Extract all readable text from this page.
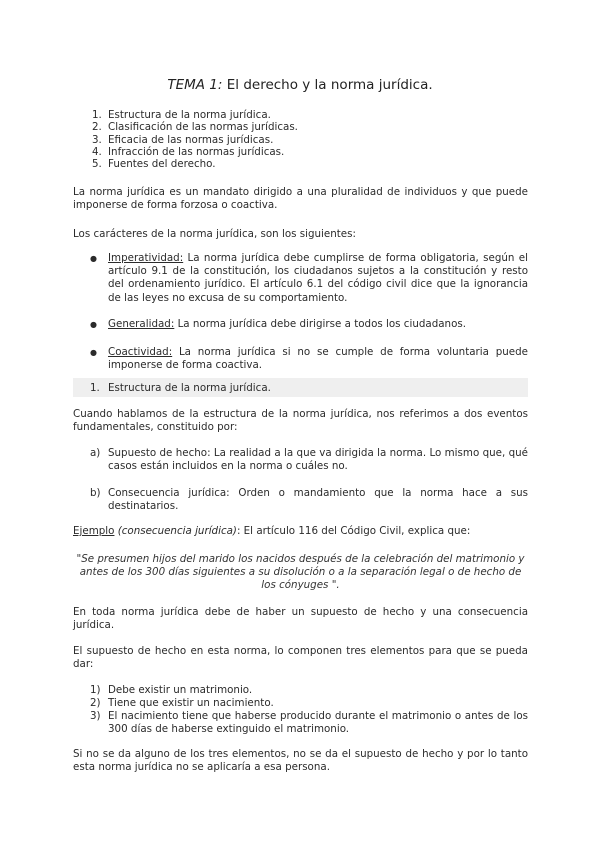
TEMA 1: El derecho y la norma jurídica.
1. Estructura de la norma jurídica.
2. Clasificación de las normas jurídicas.
3. Eficacia de las normas jurídicas.
4. Infracción de las normas jurídicas.
5. Fuentes del derecho.

La norma jurídica es un mandato dirigido a una pluralidad de individuos y que puede imponerse de forma forzosa o coactiva.

Los carácteres de la norma jurídica, son los siguientes:

● Imperatividad: La norma jurídica debe cumplirse de forma obligatoria, según el artículo 9.1 de la constitución, los ciudadanos sujetos a la constitución y resto del ordenamiento jurídico. El artículo 6.1 del código civil dice que la ignorancia de las leyes no excusa de su comportamiento.

● Generalidad: La norma jurídica debe dirigirse a todos los ciudadanos.

● Coactividad: La norma jurídica si no se cumple de forma voluntaria puede imponerse de forma coactiva.

1. Estructura de la norma jurídica.

Cuando hablamos de la estructura de la norma jurídica, nos referimos a dos eventos fundamentales, constituido por:

a) Supuesto de hecho: La realidad a la que va dirigida la norma. Lo mismo que, qué casos están incluidos en la norma o cuáles no.

b) Consecuencia jurídica: Orden o mandamiento que la norma hace a sus destinatarios.

Ejemplo (consecuencia jurídica): El artículo 116 del Código Civil, explica que:

"Se presumen hijos del marido los nacidos después de la celebración del matrimonio y antes de los 300 días siguientes a su disolución o a la separación legal o de hecho de los cónyuges ".

En toda norma jurídica debe de haber un supuesto de hecho y una consecuencia jurídica.

El supuesto de hecho en esta norma, lo componen tres elementos para que se pueda dar:

1) Debe existir un matrimonio.
2) Tiene que existir un nacimiento.
3) El nacimiento tiene que haberse producido durante el matrimonio o antes de los 300 días de haberse extinguido el matrimonio.

Si no se da alguno de los tres elementos, no se da el supuesto de hecho y por lo tanto esta norma jurídica no se aplicaría a esa persona.
